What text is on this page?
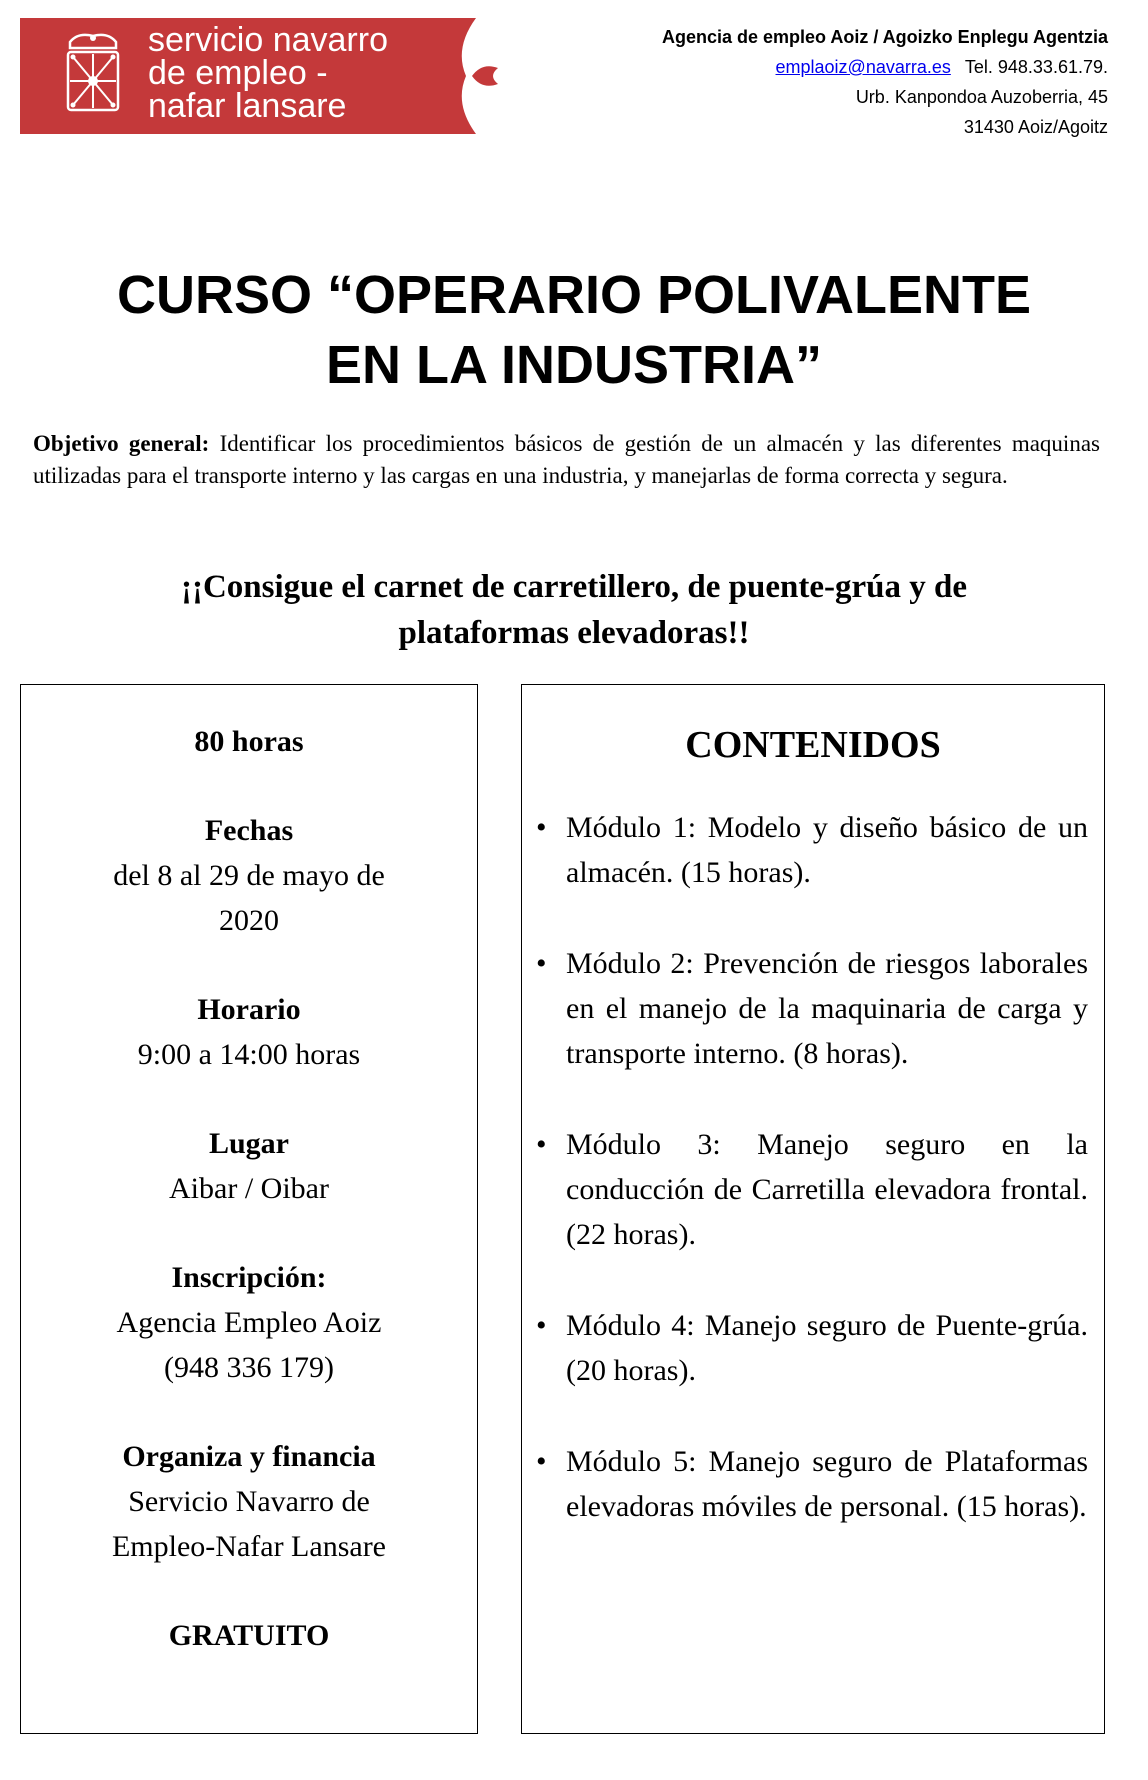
servicio navarro
de empleo -
nafar lansare
Agencia de empleo Aoiz / Agoizko Enplegu Agentzia
emplaoiz@navarra.es Tel. 948.33.61.79.
Urb. Kanpondoa Auzoberria, 45
31430 Aoiz/Agoitz
CURSO “OPERARIO POLIVALENTE
EN LA INDUSTRIA”
Objetivo general: Identificar los procedimientos básicos de gestión de un almacén y las diferentes maquinas utilizadas para el transporte interno y las cargas en una industria, y manejarlas de forma correcta y segura.
¡¡Consigue el carnet de carretillero, de puente-grúa y de
plataformas elevadoras!!
80 horas
Fechas
del 8 al 29 de mayo de
2020
Horario
9:00 a 14:00 horas
Lugar
Aibar / Oibar
Inscripción:
Agencia Empleo Aoiz
(948 336 179)
Organiza y financia
Servicio Navarro de
Empleo-Nafar Lansare
GRATUITO
CONTENIDOS
• Módulo 1: Modelo y diseño básico de un almacén. (15 horas).
• Módulo 2: Prevención de riesgos laborales en el manejo de la maquinaria de carga y transporte interno. (8 horas).
• Módulo 3: Manejo seguro en la conducción de Carretilla elevadora frontal. (22 horas).
• Módulo 4: Manejo seguro de Puente-grúa. (20 horas).
• Módulo 5: Manejo seguro de Plataformas elevadoras móviles de personal. (15 horas).
